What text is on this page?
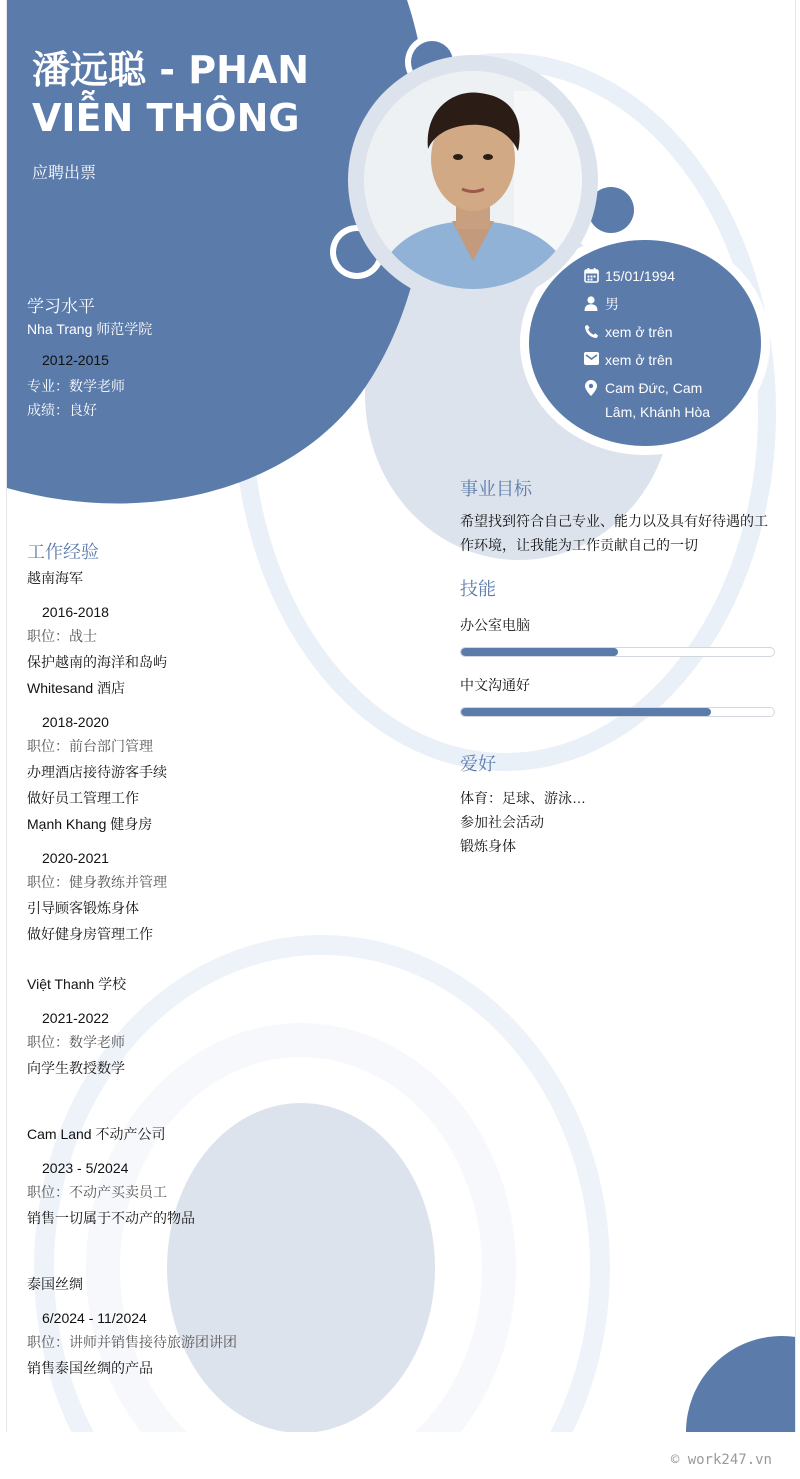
潘远聪 - PHAN
VIỄN THÔNG
应聘出票
学习水平
Nha Trang 师范学院
2012-2015
专业：数学老师
成绩：良好
15/01/1994
男
xem ở trên
xem ở trên
Cam Đức, Cam
Lâm, Khánh Hòa
工作经验
越南海军
2016-2018
职位：战士
保护越南的海洋和岛屿
Whitesand 酒店
2018-2020
职位：前台部门管理
办理酒店接待游客手续
做好员工管理工作
Mạnh Khang 健身房
2020-2021
职位：健身教练并管理
引导顾客锻炼身体
做好健身房管理工作
Việt Thanh 学校
2021-2022
职位：数学老师
向学生教授数学
Cam Land 不动产公司
2023 - 5/2024
职位：不动产买卖员工
销售一切属于不动产的物品
泰国丝绸
6/2024 - 11/2024
职位：讲师并销售接待旅游团讲团
销售泰国丝绸的产品
事业目标
希望找到符合自己专业、能力以及具有好待遇的工作环境，让我能为工作贡献自己的一切
技能
办公室电脑
中文沟通好
爱好
体育：足球、游泳…
参加社会活动
锻炼身体
© work247.vn
